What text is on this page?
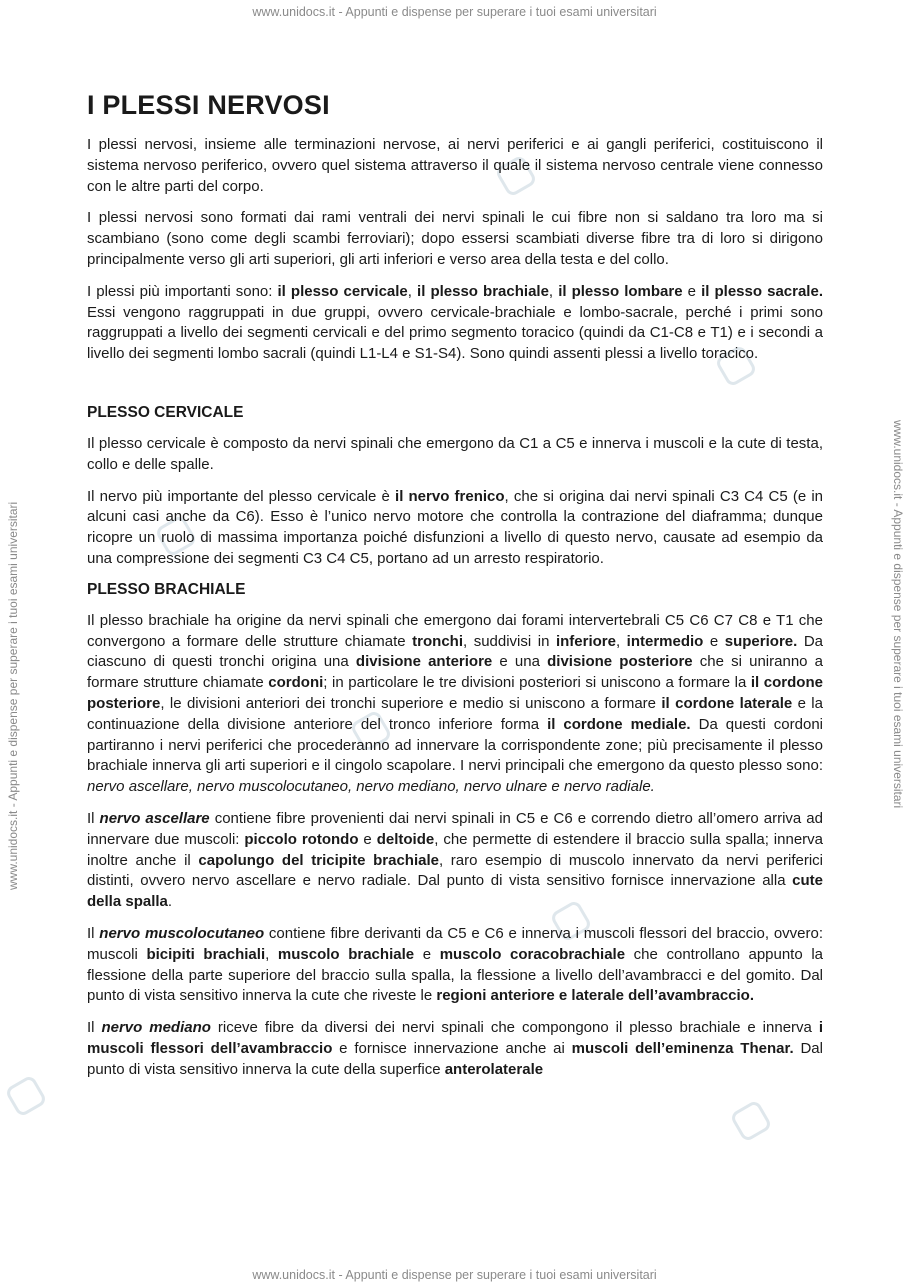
www.unidocs.it - Appunti e dispense per superare i tuoi esami universitari
www.unidocs.it - Appunti e dispense per superare i tuoi esami universitari
www.unidocs.it - Appunti e dispense per superare i tuoi esami universitari	www.unidocs.it - Appunti e dispense per superare i tuoi esami universitari
I PLESSI NERVOSI

I plessi nervosi, insieme alle terminazioni nervose, ai nervi periferici e ai gangli periferici, costituiscono il sistema nervoso periferico, ovvero quel sistema attraverso il quale il sistema nervoso centrale viene connesso con le altre parti del corpo.

I plessi nervosi sono formati dai rami ventrali dei nervi spinali le cui fibre non si saldano tra loro ma si scambiano (sono come degli scambi ferroviari); dopo essersi scambiati diverse fibre tra di loro si dirigono principalmente verso gli arti superiori, gli arti inferiori e verso area della testa e del collo.

I plessi più importanti sono: il plesso cervicale, il plesso brachiale, il plesso lombare e il plesso sacrale. Essi vengono raggruppati in due gruppi, ovvero cervicale-brachiale e lombo-sacrale, perché i primi sono raggruppati a livello dei segmenti cervicali e del primo segmento toracico (quindi da C1-C8 e T1) e i secondi a livello dei segmenti lombo sacrali (quindi L1-L4 e S1-S4). Sono quindi assenti plessi a livello toracico.

PLESSO CERVICALE

Il plesso cervicale è composto da nervi spinali che emergono da C1 a C5 e innerva i muscoli e la cute di testa, collo e delle spalle.

Il nervo più importante del plesso cervicale è il nervo frenico, che si origina dai nervi spinali C3 C4 C5 (e in alcuni casi anche da C6). Esso è l’unico nervo motore che controlla la contrazione del diaframma; dunque ricopre un ruolo di massima importanza poiché disfunzioni a livello di questo nervo, causate ad esempio da una compressione dei segmenti C3 C4 C5, portano ad un arresto respiratorio.

PLESSO BRACHIALE

Il plesso brachiale ha origine da nervi spinali che emergono dai forami intervertebrali C5 C6 C7 C8 e T1 che convergono a formare delle strutture chiamate tronchi, suddivisi in inferiore, intermedio e superiore. Da ciascuno di questi tronchi origina una divisione anteriore e una divisione posteriore che si uniranno a formare strutture chiamate cordoni; in particolare le tre divisioni posteriori si uniscono a formare la il cordone posteriore, le divisioni anteriori dei tronchi superiore e medio si uniscono a formare il cordone laterale e la continuazione della divisione anteriore del tronco inferiore forma il cordone mediale. Da questi cordoni partiranno i nervi periferici che procederanno ad innervare la corrispondente zone; più precisamente il plesso brachiale innerva gli arti superiori e il cingolo scapolare. I nervi principali che emergono da questo plesso sono: nervo ascellare, nervo muscolocutaneo, nervo mediano, nervo ulnare e nervo radiale.

Il nervo ascellare contiene fibre provenienti dai nervi spinali in C5 e C6 e correndo dietro all’omero arriva ad innervare due muscoli: piccolo rotondo e deltoide, che permette di estendere il braccio sulla spalla; innerva inoltre anche il capolungo del tricipite brachiale, raro esempio di muscolo innervato da nervi periferici distinti, ovvero nervo ascellare e nervo radiale. Dal punto di vista sensitivo fornisce innervazione alla cute della spalla.

Il nervo muscolocutaneo contiene fibre derivanti da C5 e C6 e innerva i muscoli flessori del braccio, ovvero: muscoli bicipiti brachiali, muscolo brachiale e muscolo coracobrachiale che controllano appunto la flessione della parte superiore del braccio sulla spalla, la flessione a livello dell’avambracci e del gomito. Dal punto di vista sensitivo innerva la cute che riveste le regioni anteriore e laterale dell’avambraccio.

Il nervo mediano riceve fibre da diversi dei nervi spinali che compongono il plesso brachiale e innerva i muscoli flessori dell’avambraccio e fornisce innervazione anche ai muscoli dell’eminenza Thenar. Dal punto di vista sensitivo innerva la cute della superfice anterolaterale
